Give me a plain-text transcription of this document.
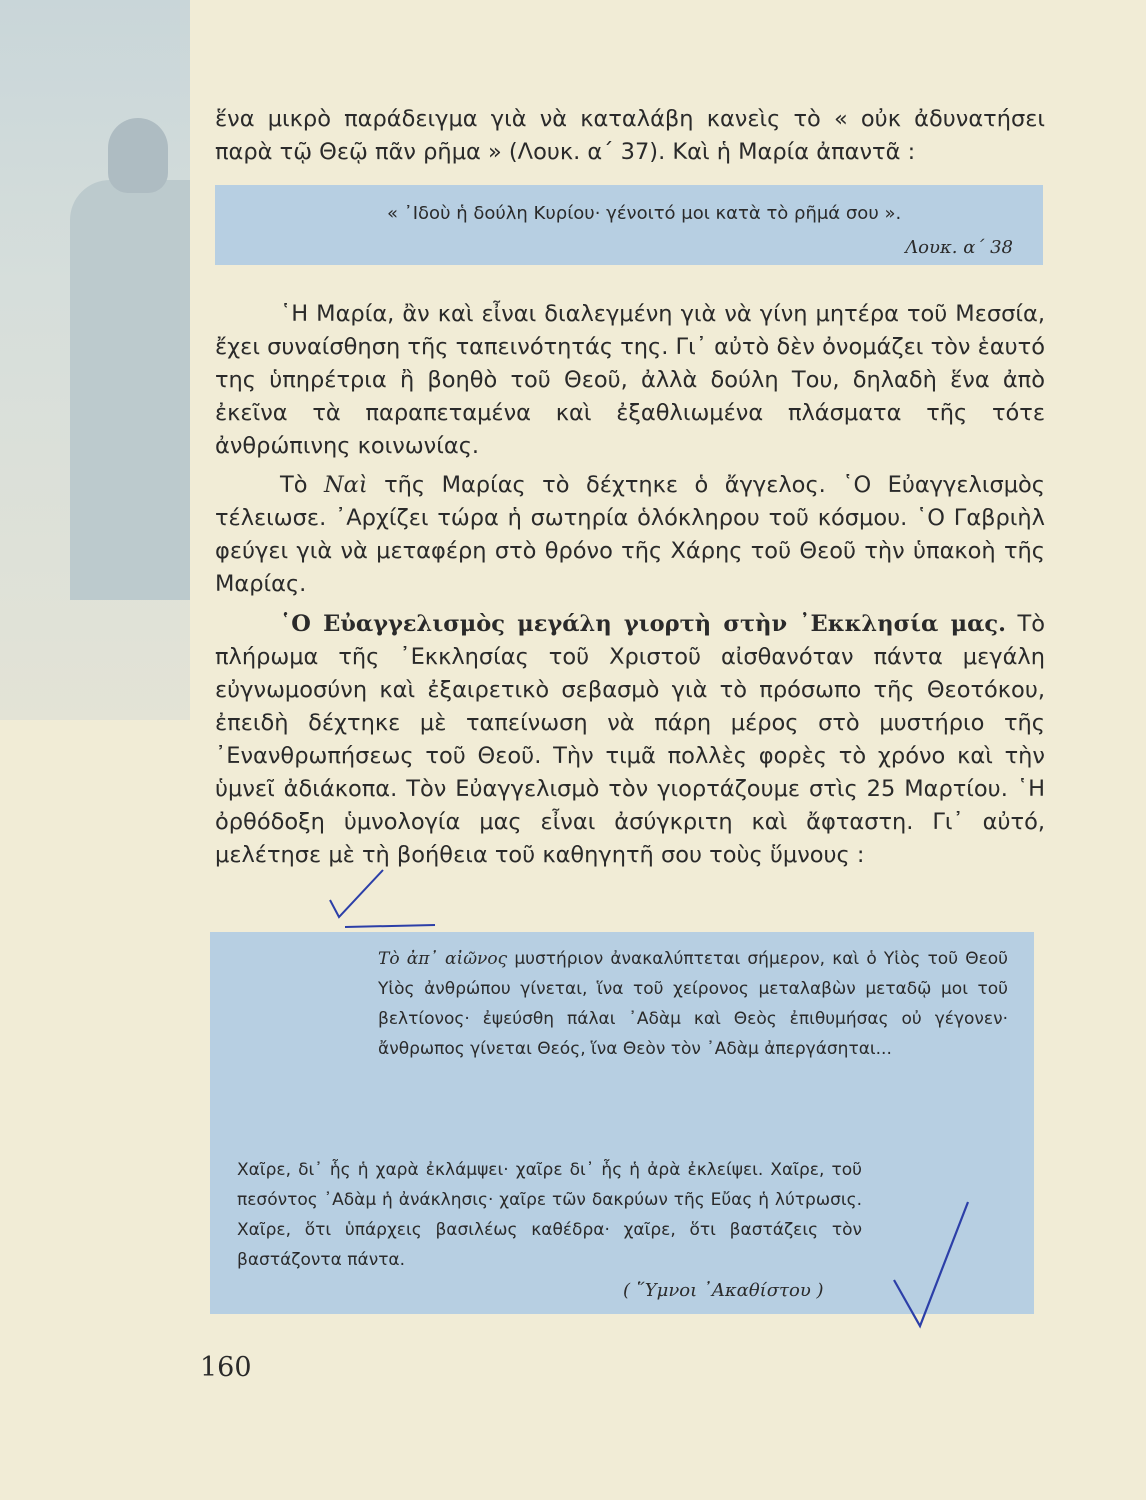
ἕνα μικρὸ παράδειγμα γιὰ νὰ καταλάβη κανεὶς τὸ « οὐκ ἀδυνατήσει παρὰ τῷ Θεῷ πᾶν ρῆμα » (Λουκ. α΄ 37). Καὶ ἡ Μαρία ἀπαντᾶ :

« ᾿Ιδοὺ ἡ δούλη Κυρίου· γένοιτό μοι κατὰ τὸ ρῆμά σου ».

Λουκ. α΄ 38

῾Η Μαρία, ἂν καὶ εἶναι διαλεγμένη γιὰ νὰ γίνη μητέρα τοῦ Μεσσία, ἔχει συναίσθηση τῆς ταπεινότητάς της. Γι᾿ αὐτὸ δὲν ὀνομάζει τὸν ἑαυτό της ὑπηρέτρια ἢ βοηθὸ τοῦ Θεοῦ, ἀλλὰ δούλη Του, δηλαδὴ ἕνα ἀπὸ ἐκεῖνα τὰ παραπεταμένα καὶ ἐξαθλιωμένα πλάσματα τῆς τότε ἀνθρώπινης κοινωνίας.

Τὸ Ναὶ τῆς Μαρίας τὸ δέχτηκε ὁ ἄγγελος. ῾Ο Εὐαγγελισμὸς τέλειωσε. ᾿Αρχίζει τώρα ἡ σωτηρία ὁλόκληρου τοῦ κόσμου. ῾Ο Γαβριὴλ φεύγει γιὰ νὰ μεταφέρη στὸ θρόνο τῆς Χάρης τοῦ Θεοῦ τὴν ὑπακοὴ τῆς Μαρίας.

῾Ο Εὐαγγελισμὸς μεγάλη γιορτὴ στὴν ᾿Εκκλησία μας. Τὸ πλήρωμα τῆς ᾿Εκκλησίας τοῦ Χριστοῦ αἰσθανόταν πάντα μεγάλη εὐγνωμοσύνη καὶ ἐξαιρετικὸ σεβασμὸ γιὰ τὸ πρόσωπο τῆς Θεοτόκου, ἐπειδὴ δέχτηκε μὲ ταπείνωση νὰ πάρη μέρος στὸ μυστήριο τῆς ᾿Ενανθρωπήσεως τοῦ Θεοῦ. Τὴν τιμᾶ πολλὲς φορὲς τὸ χρόνο καὶ τὴν ὑμνεῖ ἀδιάκοπα. Τὸν Εὐαγγελισμὸ τὸν γιορτάζουμε στὶς 25 Μαρτίου. ῾Η ὀρθόδοξη ὑμνολογία μας εἶναι ἀσύγκριτη καὶ ἄφταστη. Γι᾿ αὐτό, μελέτησε μὲ τὴ βοήθεια τοῦ καθηγητῆ σου τοὺς ὕμνους :

Τὸ ἀπ᾿ αἰῶνος μυστήριον ἀνακαλύπτεται σήμερον, καὶ ὁ Υἱὸς τοῦ Θεοῦ Υἱὸς ἀνθρώπου γίνεται, ἵνα τοῦ χείρονος μεταλαβὼν μεταδῷ μοι τοῦ βελτίονος· ἐψεύσθη πάλαι ᾿Αδὰμ καὶ Θεὸς ἐπιθυμήσας οὐ γέγονεν· ἄνθρωπος γίνεται Θεός, ἵνα Θεὸν τὸν ᾿Αδὰμ ἀπεργάσηται...

Χαῖρε, δι᾿ ἧς ἡ χαρὰ ἐκλάμψει· χαῖρε δι᾿ ἧς ἡ ἀρὰ ἐκλείψει. Χαῖρε, τοῦ πεσόντος ᾿Αδὰμ ἡ ἀνάκλησις· χαῖρε τῶν δακρύων τῆς Εὔας ἡ λύτρωσις. Χαῖρε, ὅτι ὑπάρχεις βασιλέως καθέδρα· χαῖρε, ὅτι βαστάζεις τὸν βαστάζοντα πάντα.

( ῞Υμνοι ᾿Ακαθίστου )

160
